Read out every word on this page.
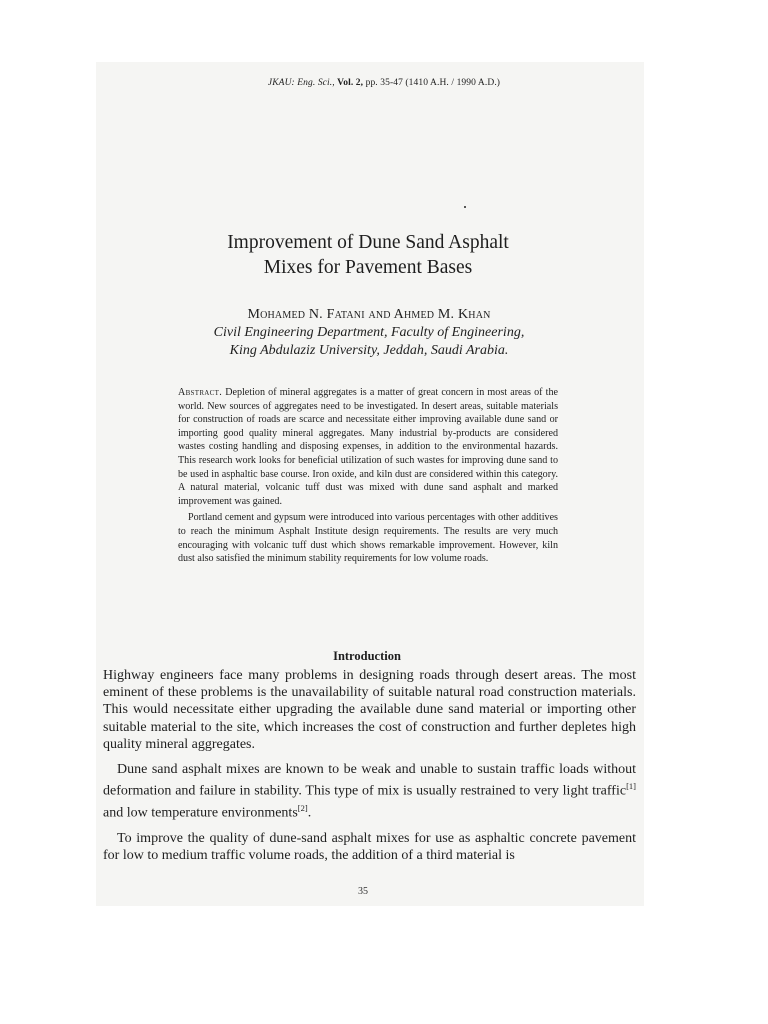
JKAU: Eng. Sci., Vol. 2, pp. 35-47 (1410 A.H. / 1990 A.D.)
Improvement of Dune Sand Asphalt
Mixes for Pavement Bases
Mohamed N. Fatani and Ahmed M. Khan
Civil Engineering Department, Faculty of Engineering,
King Abdulaziz University, Jeddah, Saudi Arabia.

Abstract. Depletion of mineral aggregates is a matter of great concern in most areas of the world. New sources of aggregates need to be investigated. In desert areas, suitable materials for construction of roads are scarce and necessitate either improving available dune sand or importing good quality mineral aggregates. Many industrial by-products are considered wastes costing handling and disposing expenses, in addition to the environmental hazards. This research work looks for beneficial utilization of such wastes for improving dune sand to be used in asphaltic base course. Iron oxide, and kiln dust are considered within this category. A natural material, volcanic tuff dust was mixed with dune sand asphalt and marked improvement was gained.

Portland cement and gypsum were introduced into various percentages with other additives to reach the minimum Asphalt Institute design requirements. The results are very much encouraging with volcanic tuff dust which shows remarkable improvement. However, kiln dust also satisfied the minimum stability requirements for low volume roads.

Introduction

Highway engineers face many problems in designing roads through desert areas. The most eminent of these problems is the unavailability of suitable natural road construction materials. This would necessitate either upgrading the available dune sand material or importing other suitable material to the site, which increases the cost of construction and further depletes high quality mineral aggregates.

Dune sand asphalt mixes are known to be weak and unable to sustain traffic loads without deformation and failure in stability. This type of mix is usually restrained to very light traffic[1] and low temperature environments[2].

To improve the quality of dune-sand asphalt mixes for use as asphaltic concrete pavement for low to medium traffic volume roads, the addition of a third material is

35
